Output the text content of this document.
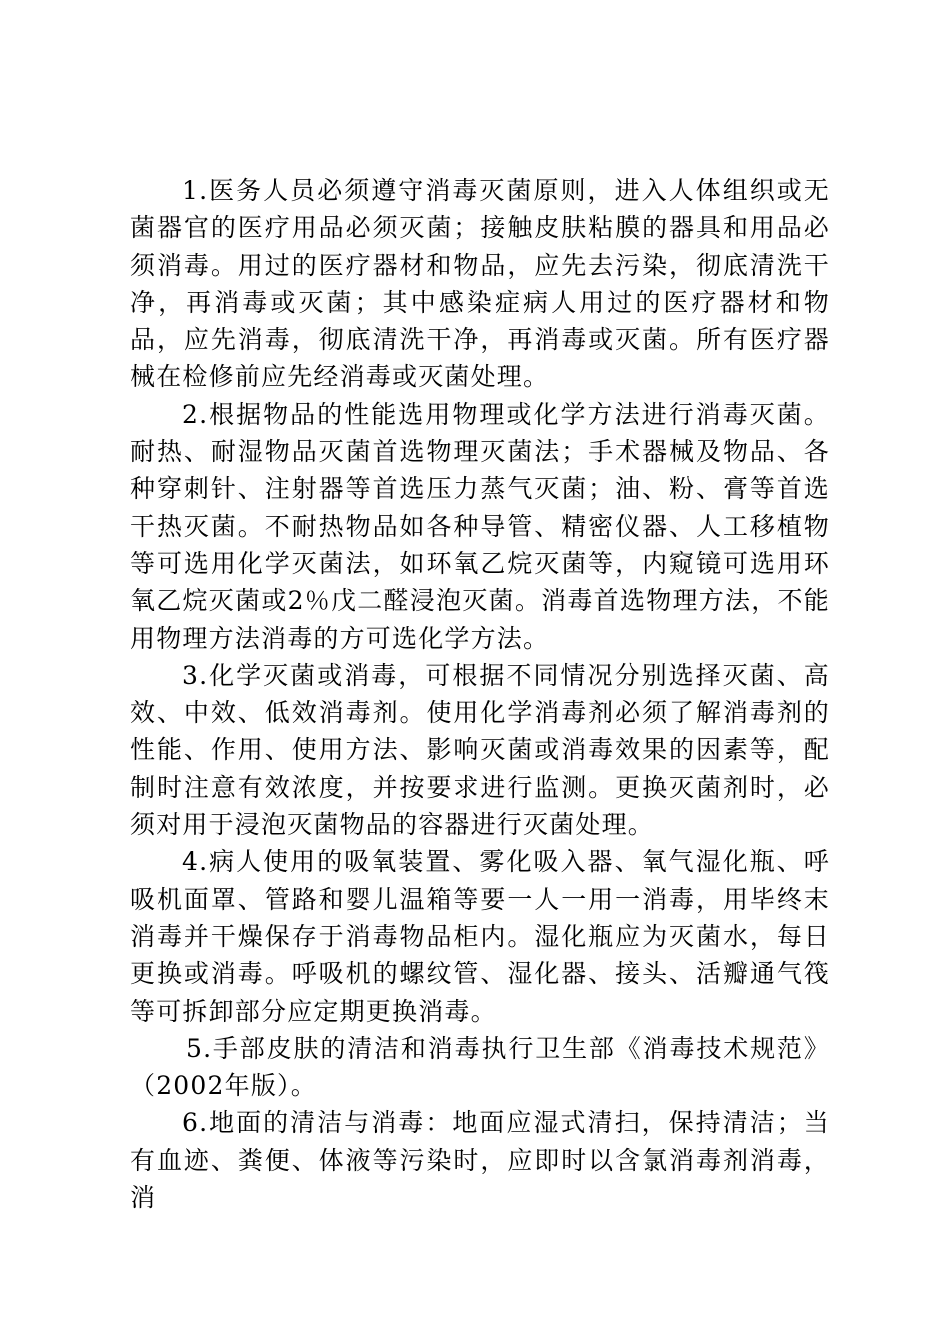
1.医务人员必须遵守消毒灭菌原则，进入人体组织或无菌器官的医疗用品必须灭菌；接触皮肤粘膜的器具和用品必须消毒。用过的医疗器材和物品，应先去污染，彻底清洗干净，再消毒或灭菌；其中感染症病人用过的医疗器材和物品，应先消毒，彻底清洗干净，再消毒或灭菌。所有医疗器械在检修前应先经消毒或灭菌处理。

2.根据物品的性能选用物理或化学方法进行消毒灭菌。耐热、耐湿物品灭菌首选物理灭菌法；手术器械及物品、各种穿刺针、注射器等首选压力蒸气灭菌；油、粉、膏等首选干热灭菌。不耐热物品如各种导管、精密仪器、人工移植物等可选用化学灭菌法，如环氧乙烷灭菌等，内窥镜可选用环氧乙烷灭菌或2％戊二醛浸泡灭菌。消毒首选物理方法，不能用物理方法消毒的方可选化学方法。

3.化学灭菌或消毒，可根据不同情况分别选择灭菌、高效、中效、低效消毒剂。使用化学消毒剂必须了解消毒剂的性能、作用、使用方法、影响灭菌或消毒效果的因素等，配制时注意有效浓度，并按要求进行监测。更换灭菌剂时，必须对用于浸泡灭菌物品的容器进行灭菌处理。

4.病人使用的吸氧装置、雾化吸入器、氧气湿化瓶、呼吸机面罩、管路和婴儿温箱等要一人一用一消毒，用毕终末消毒并干燥保存于消毒物品柜内。湿化瓶应为灭菌水，每日更换或消毒。呼吸机的螺纹管、湿化器、接头、活瓣通气筏等可拆卸部分应定期更换消毒。

5.手部皮肤的清洁和消毒执行卫生部《消毒技术规范》（2002年版）。

6.地面的清洁与消毒：地面应湿式清扫，保持清洁；当有血迹、粪便、体液等污染时，应即时以含氯消毒剂消毒，消
